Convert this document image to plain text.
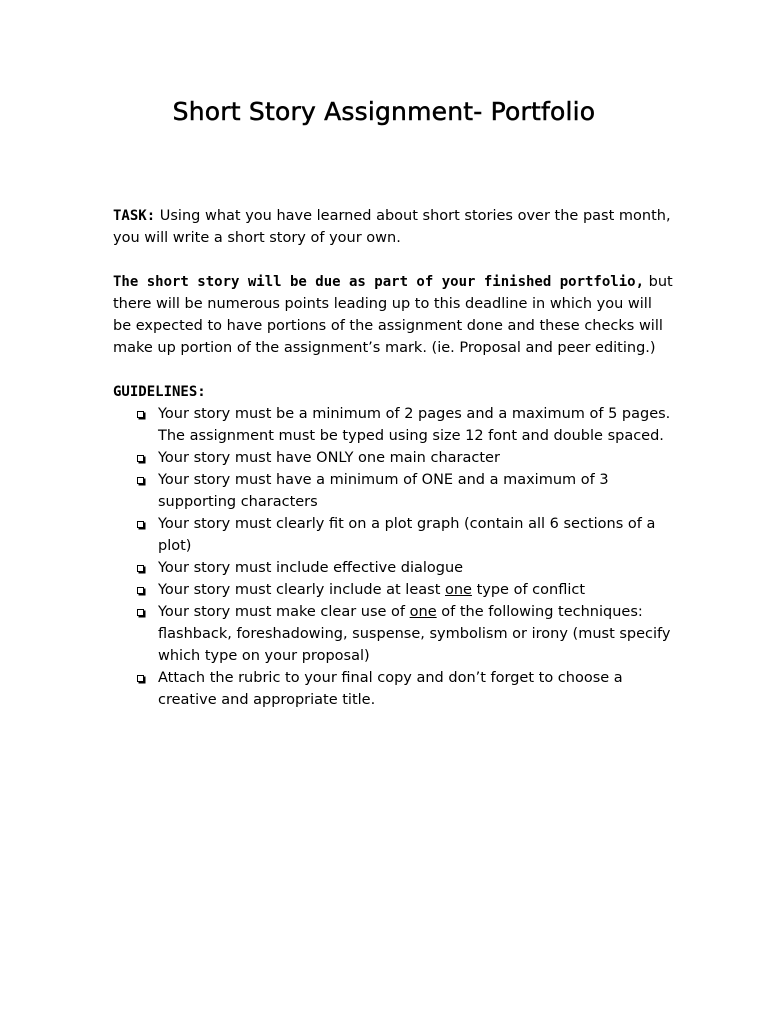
Short Story Assignment- Portfolio

TASK: Using what you have learned about short stories over the past month, you will write a short story of your own.

The short story will be due as part of your finished portfolio, but there will be numerous points leading up to this deadline in which you will be expected to have portions of the assignment done and these checks will make up portion of the assignment’s mark. (ie. Proposal and peer editing.)

GUIDELINES:

Your story must be a minimum of 2 pages and a maximum of 5 pages. The assignment must be typed using size 12 font and double spaced.
Your story must have ONLY one main character
Your story must have a minimum of ONE and a maximum of 3 supporting characters
Your story must clearly fit on a plot graph (contain all 6 sections of a plot)
Your story must include effective dialogue
Your story must clearly include at least one type of conflict
Your story must make clear use of one of the following techniques: flashback, foreshadowing, suspense, symbolism or irony (must specify which type on your proposal)
Attach the rubric to your final copy and don’t forget to choose a creative and appropriate title.
